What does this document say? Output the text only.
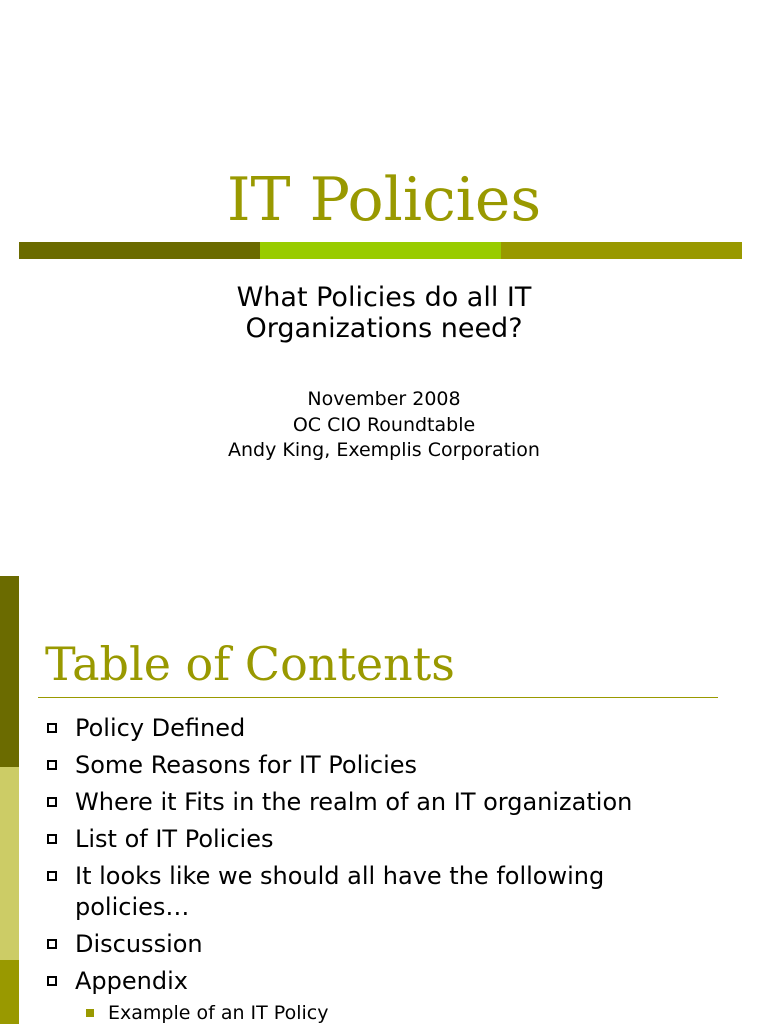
IT Policies
What Policies do all IT
Organizations need?
November 2008
OC CIO Roundtable
Andy King, Exemplis Corporation
Table of Contents
Policy Defined
Some Reasons for IT Policies
Where it Fits in the realm of an IT organization
List of IT Policies
It looks like we should all have the following policies…
Discussion
Appendix
Example of an IT Policy
